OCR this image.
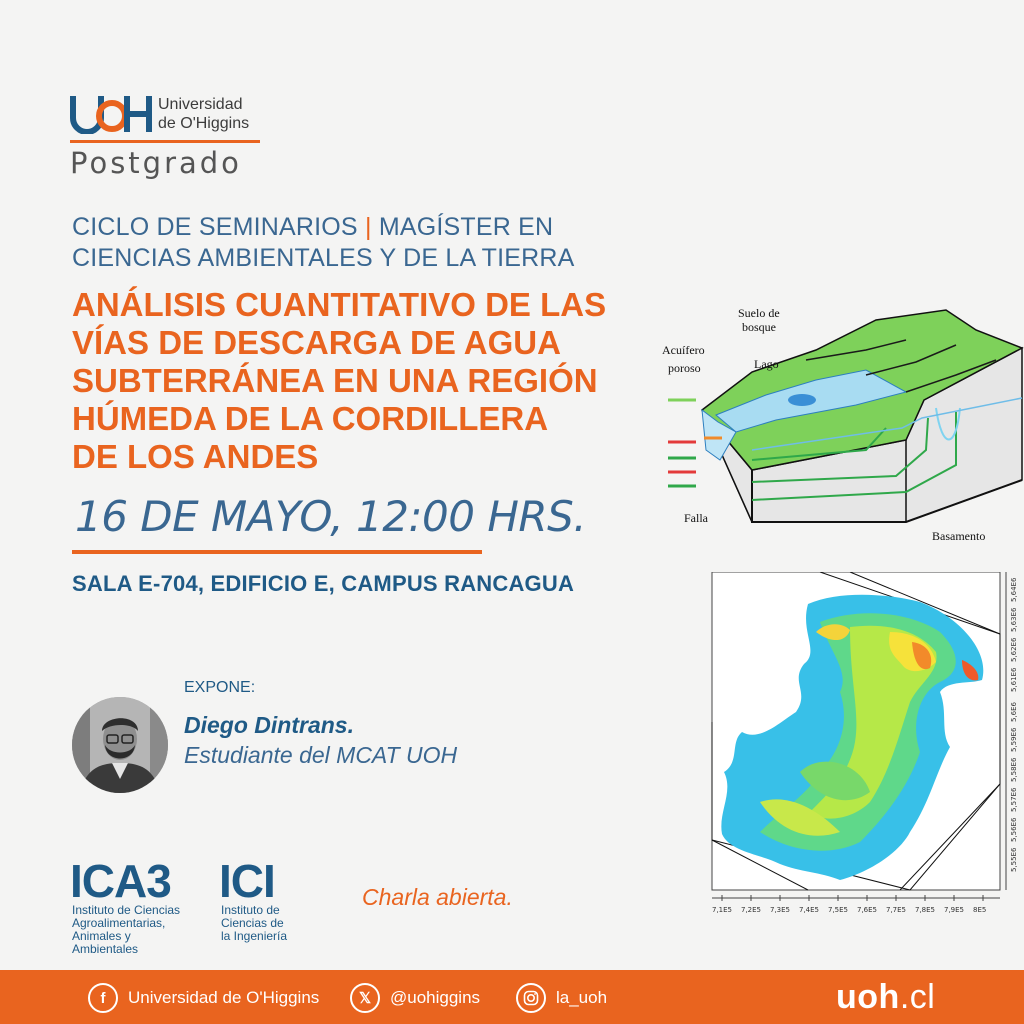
Universidad
de O'Higgins
Postgrado
CICLO DE SEMINARIOS | MAGÍSTER EN
CIENCIAS AMBIENTALES Y DE LA TIERRA
ANÁLISIS CUANTITATIVO DE LAS
VÍAS DE DESCARGA DE AGUA
SUBTERRÁNEA EN UNA REGIÓN
HÚMEDA DE LA CORDILLERA
DE LOS ANDES
16 DE MAYO, 12:00 HRS.
SALA E-704, EDIFICIO E, CAMPUS RANCAGUA
EXPONE:
Diego Dintrans.
Estudiante del MCAT UOH
ICA3
Instituto de Ciencias
Agroalimentarias,
Animales y
Ambientales
ICI
Instituto de
Ciencias de
la Ingeniería
Charla abierta.
Suelo de
bosque
Acuífero
poroso	Lago
Falla
Basamento
7,1E5 7,2E5 7,3E5 7,4E5 7,5E5 7,6E5 7,7E5 7,8E5 7,9E5 8E5
5,55E6
5,56E6
5,57E6
5,58E6
5,59E6
5,6E6
5,61E6
5,62E6
5,63E6
5,64E6
f	Universidad de O'Higgins	𝕏	@uohiggins	la_uoh	uoh.cl
